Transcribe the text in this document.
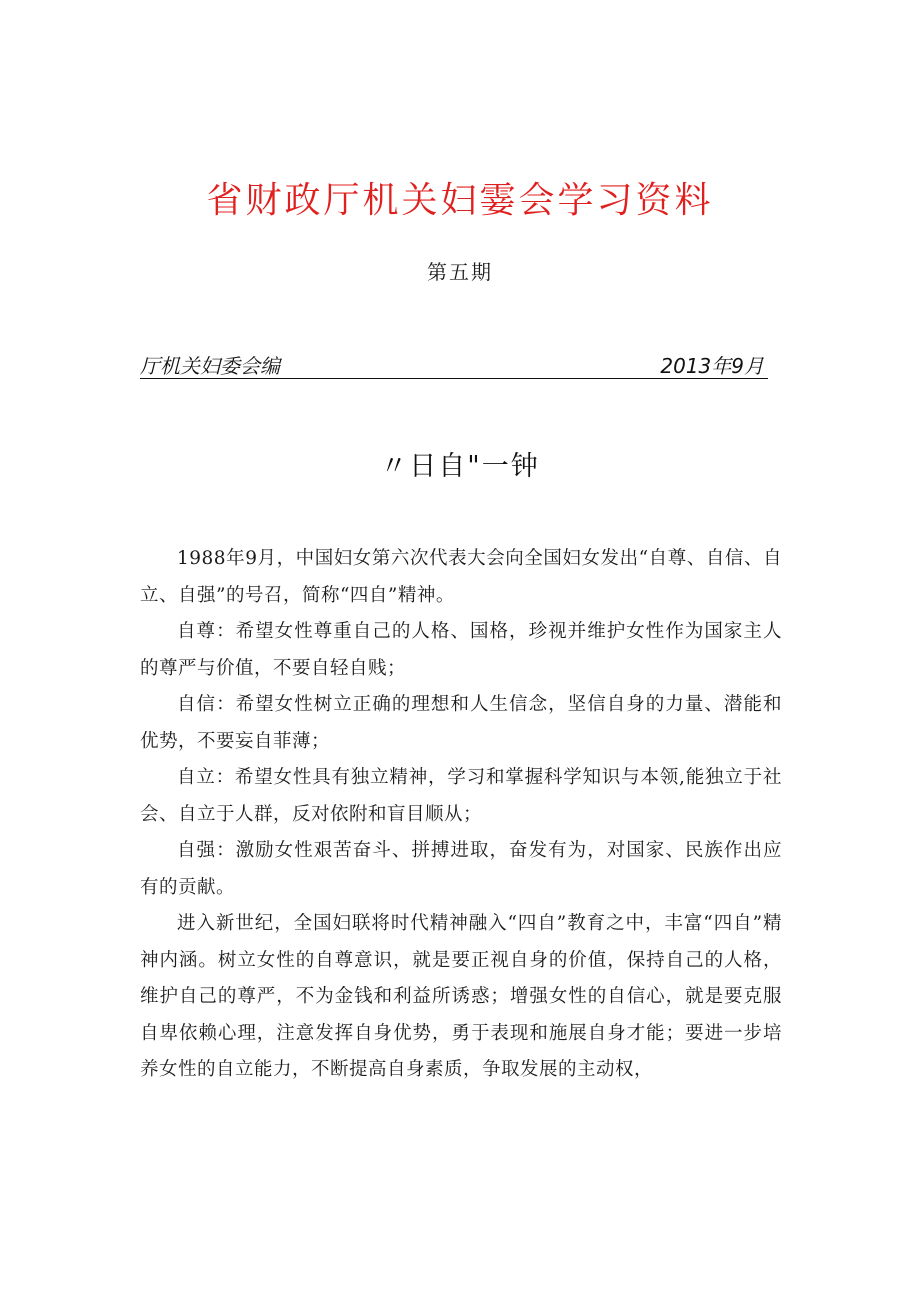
省财政厅机关妇霎会学习资料
第五期
厅机关妇委会编	2013年9月
〃日自"一钟

1988年9月，中国妇女第六次代表大会向全国妇女发出“自尊、自信、自立、自强”的号召，简称“四自”精神。

自尊：希望女性尊重自己的人格、国格，珍视并维护女性作为国家主人的尊严与价值，不要自轻自贱；

自信：希望女性树立正确的理想和人生信念，坚信自身的力量、潜能和优势，不要妄自菲薄；

自立：希望女性具有独立精神，学习和掌握科学知识与本领,能独立于社会、自立于人群，反对依附和盲目顺从；

自强：激励女性艰苦奋斗、拼搏进取，奋发有为，对国家、民族作出应有的贡献。

进入新世纪，全国妇联将时代精神融入“四自”教育之中，丰富“四自”精神内涵。树立女性的自尊意识，就是要正视自身的价值，保持自己的人格，维护自己的尊严，不为金钱和利益所诱惑；增强女性的自信心，就是要克服自卑依赖心理，注意发挥自身优势，勇于表现和施展自身才能；要进一步培养女性的自立能力，不断提高自身素质，争取发展的主动权，
